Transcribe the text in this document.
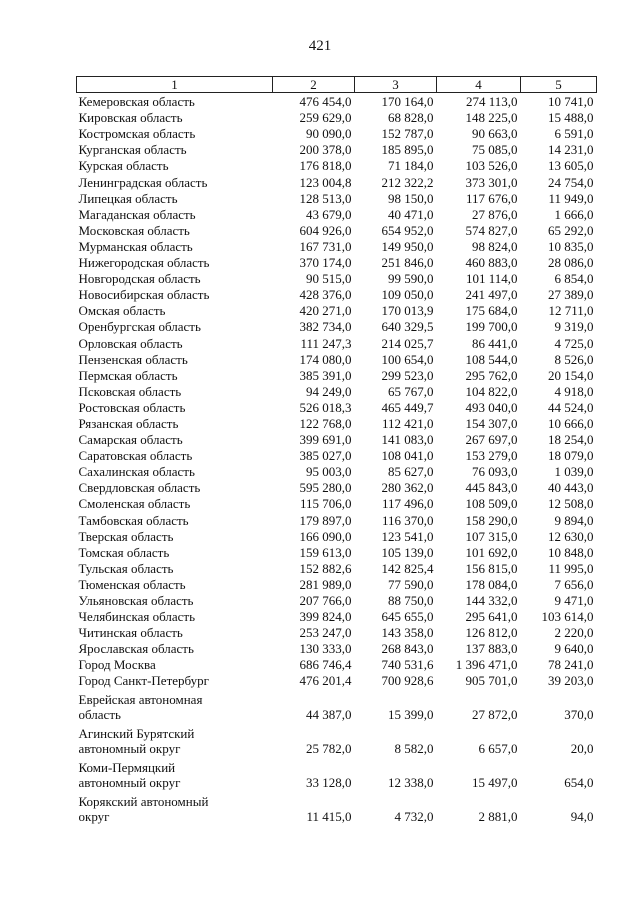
421
1	2	3	4	5
Кемеровская область	476 454,0	170 164,0	274 113,0	10 741,0
Кировская область	259 629,0	68 828,0	148 225,0	15 488,0
Костромская область	90 090,0	152 787,0	90 663,0	6 591,0
Курганская область	200 378,0	185 895,0	75 085,0	14 231,0
Курская область	176 818,0	71 184,0	103 526,0	13 605,0
Ленинградская область	123 004,8	212 322,2	373 301,0	24 754,0
Липецкая область	128 513,0	98 150,0	117 676,0	11 949,0
Магаданская область	43 679,0	40 471,0	27 876,0	1 666,0
Московская область	604 926,0	654 952,0	574 827,0	65 292,0
Мурманская область	167 731,0	149 950,0	98 824,0	10 835,0
Нижегородская область	370 174,0	251 846,0	460 883,0	28 086,0
Новгородская область	90 515,0	99 590,0	101 114,0	6 854,0
Новосибирская область	428 376,0	109 050,0	241 497,0	27 389,0
Омская область	420 271,0	170 013,9	175 684,0	12 711,0
Оренбургская область	382 734,0	640 329,5	199 700,0	9 319,0
Орловская область	111 247,3	214 025,7	86 441,0	4 725,0
Пензенская область	174 080,0	100 654,0	108 544,0	8 526,0
Пермская область	385 391,0	299 523,0	295 762,0	20 154,0
Псковская область	94 249,0	65 767,0	104 822,0	4 918,0
Ростовская область	526 018,3	465 449,7	493 040,0	44 524,0
Рязанская область	122 768,0	112 421,0	154 307,0	10 666,0
Самарская область	399 691,0	141 083,0	267 697,0	18 254,0
Саратовская область	385 027,0	108 041,0	153 279,0	18 079,0
Сахалинская область	95 003,0	85 627,0	76 093,0	1 039,0
Свердловская область	595 280,0	280 362,0	445 843,0	40 443,0
Смоленская область	115 706,0	117 496,0	108 509,0	12 508,0
Тамбовская область	179 897,0	116 370,0	158 290,0	9 894,0
Тверская область	166 090,0	123 541,0	107 315,0	12 630,0
Томская область	159 613,0	105 139,0	101 692,0	10 848,0
Тульская область	152 882,6	142 825,4	156 815,0	11 995,0
Тюменская область	281 989,0	77 590,0	178 084,0	7 656,0
Ульяновская область	207 766,0	88 750,0	144 332,0	9 471,0
Челябинская область	399 824,0	645 655,0	295 641,0	103 614,0
Читинская область	253 247,0	143 358,0	126 812,0	2 220,0
Ярославская область	130 333,0	268 843,0	137 883,0	9 640,0
Город Москва	686 746,4	740 531,6	1 396 471,0	78 241,0
Город Санкт-Петербург	476 201,4	700 928,6	905 701,0	39 203,0

Еврейская автономная
область	44 387,0	15 399,0	27 872,0	370,0

Агинский Бурятский
автономный округ	25 782,0	8 582,0	6 657,0	20,0

Коми-Пермяцкий
автономный округ	33 128,0	12 338,0	15 497,0	654,0

Корякский автономный
округ	11 415,0	4 732,0	2 881,0	94,0
